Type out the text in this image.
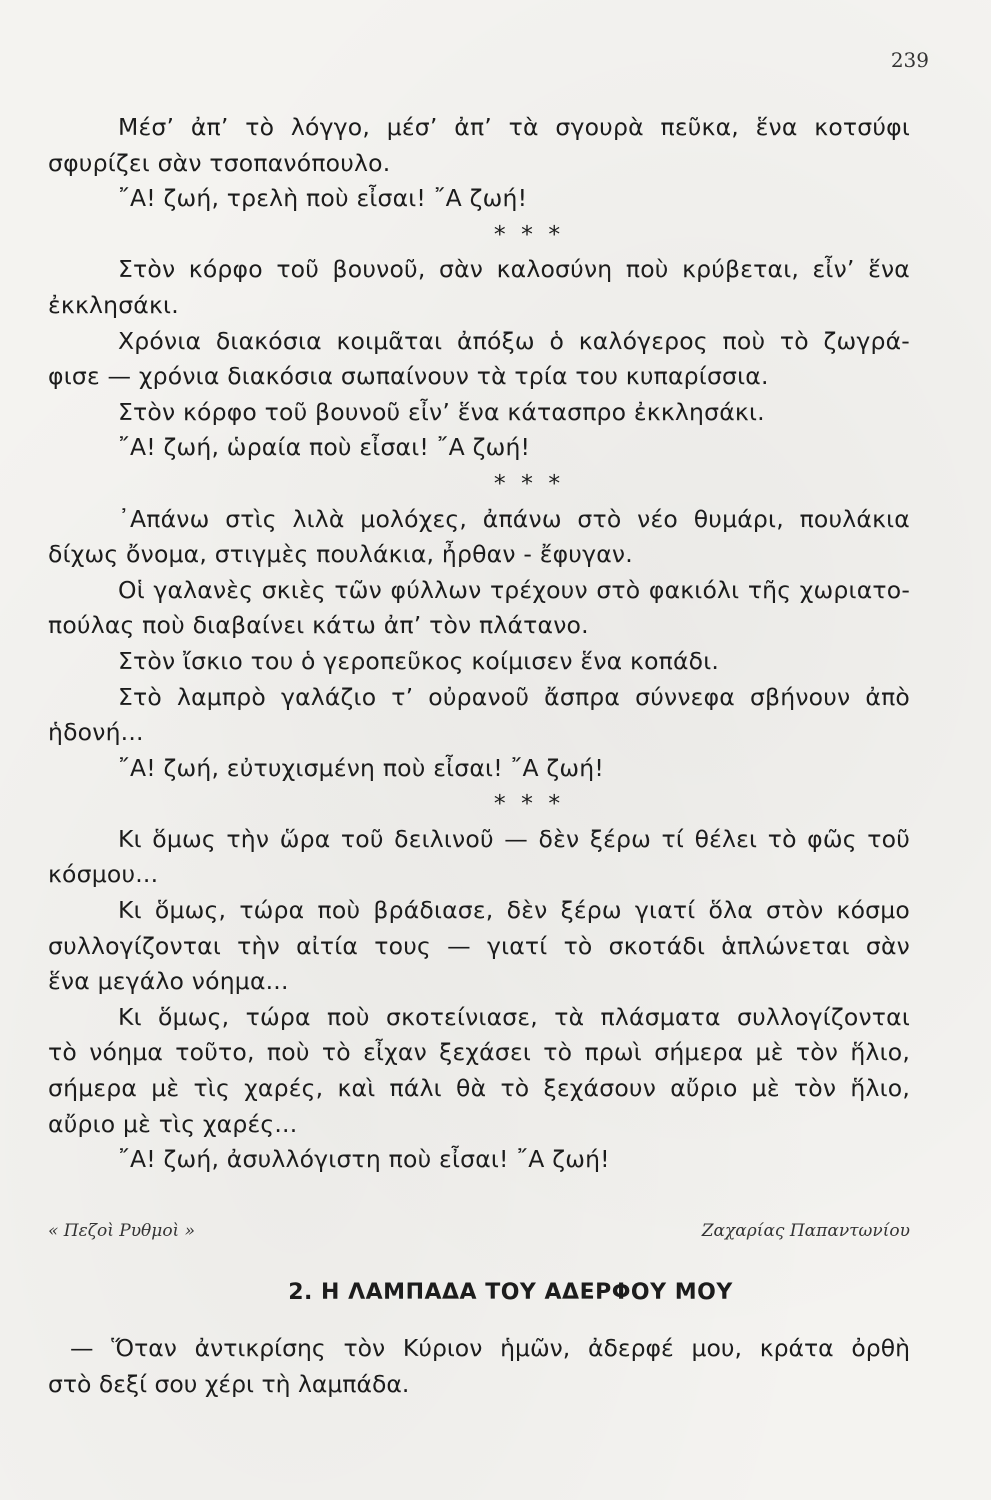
239
Μέσ’ ἀπ’ τὸ λόγγο, μέσ’ ἀπ’ τὰ σγουρὰ πεῦκα, ἕνα κοτσύφι
σφυρίζει σὰν τσοπανόπουλο.
῎Α! ζωή, τρελὴ ποὺ εἶσαι! ῎Α ζωή!
* * *
Στὸν κόρφο τοῦ βουνοῦ, σὰν καλοσύνη ποὺ κρύβεται, εἶν’ ἕνα
ἐκκλησάκι.
Χρόνια διακόσια κοιμᾶται ἀπόξω ὁ καλόγερος ποὺ τὸ ζωγρά-
φισε — χρόνια διακόσια σωπαίνουν τὰ τρία του κυπαρίσσια.
Στὸν κόρφο τοῦ βουνοῦ εἶν’ ἕνα κάτασπρο ἐκκλησάκι.
῎Α! ζωή, ὡραία ποὺ εἶσαι! ῎Α ζωή!
* * *
᾿Απάνω στὶς λιλὰ μολόχες, ἀπάνω στὸ νέο θυμάρι, πουλάκια
δίχως ὄνομα, στιγμὲς πουλάκια, ἦρθαν - ἔφυγαν.
Οἱ γαλανὲς σκιὲς τῶν φύλλων τρέχουν στὸ φακιόλι τῆς χωριατο-
πούλας ποὺ διαβαίνει κάτω ἀπ’ τὸν πλάτανο.
Στὸν ἴσκιο του ὁ γεροπεῦκος κοίμισεν ἕνα κοπάδι.
Στὸ λαμπρὸ γαλάζιο τ’ οὐρανοῦ ἄσπρα σύννεφα σβήνουν ἀπὸ
ἡδονή...
῎Α! ζωή, εὐτυχισμένη ποὺ εἶσαι! ῎Α ζωή!
* * *
Κι ὅμως τὴν ὥρα τοῦ δειλινοῦ — δὲν ξέρω τί θέλει τὸ φῶς τοῦ
κόσμου...
Κι ὅμως, τώρα ποὺ βράδιασε, δὲν ξέρω γιατί ὅλα στὸν κόσμο
συλλογίζονται τὴν αἰτία τους — γιατί τὸ σκοτάδι ἁπλώνεται σὰν
ἕνα μεγάλο νόημα...
Κι ὅμως, τώρα ποὺ σκοτείνιασε, τὰ πλάσματα συλλογίζονται
τὸ νόημα τοῦτο, ποὺ τὸ εἶχαν ξεχάσει τὸ πρωὶ σήμερα μὲ τὸν ἥλιο,
σήμερα μὲ τὶς χαρές, καὶ πάλι θὰ τὸ ξεχάσουν αὔριο μὲ τὸν ἥλιο,
αὔριο μὲ τὶς χαρές...
῎Α! ζωή, ἀσυλλόγιστη ποὺ εἶσαι! ῎Α ζωή!
« Πεζοὶ Ρυθμοὶ »	Ζαχαρίας Παπαντωνίου
2. Η ΛΑΜΠΑΔΑ ΤΟΥ ΑΔΕΡΦΟΥ ΜΟΥ
— Ὅταν ἀντικρίσης τὸν Κύριον ἡμῶν, ἀδερφέ μου, κράτα ὀρθὴ
στὸ δεξί σου χέρι τὴ λαμπάδα.
